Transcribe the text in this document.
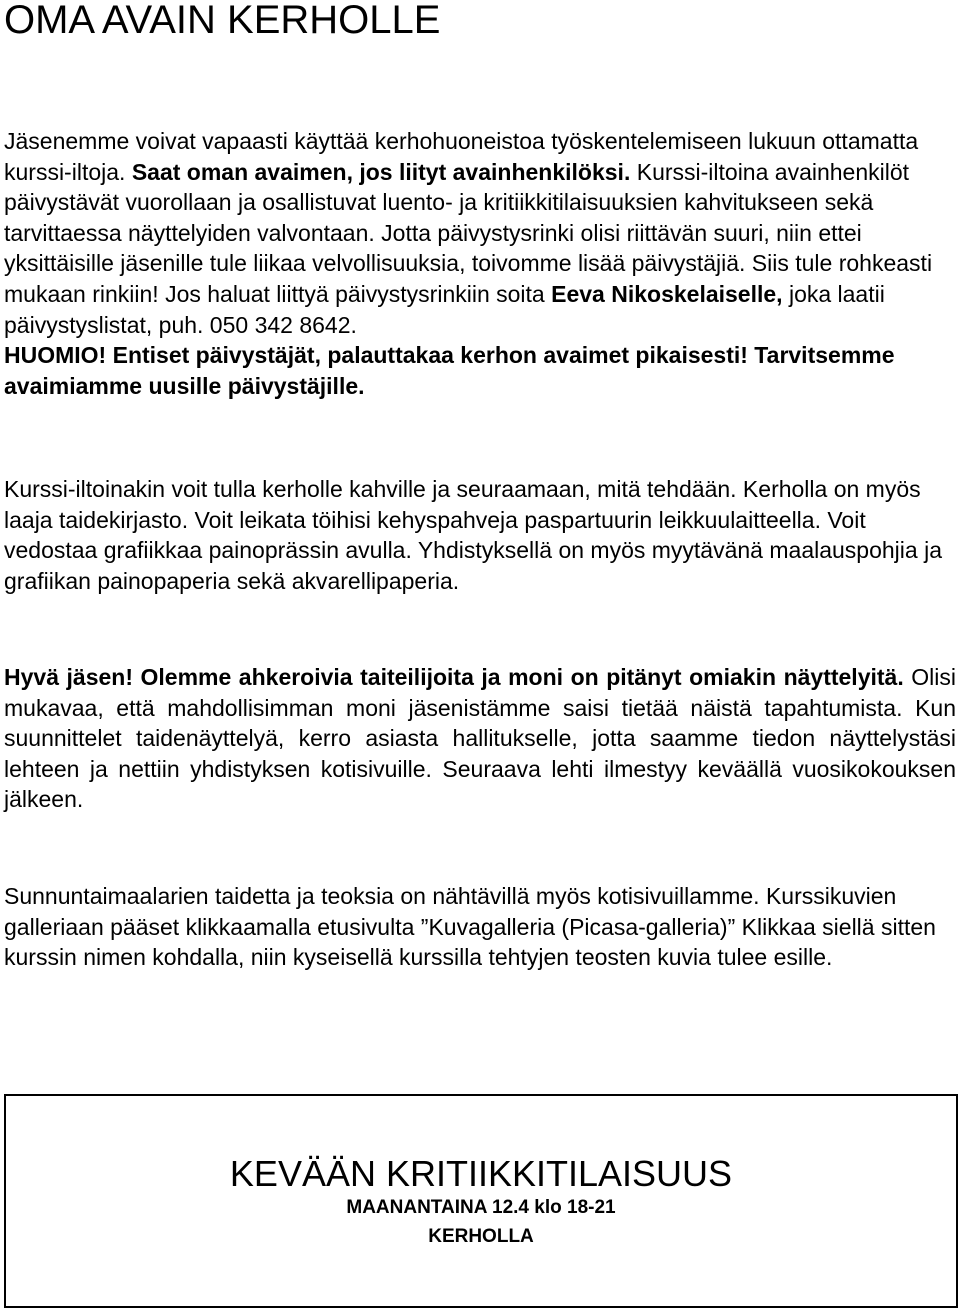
OMA AVAIN KERHOLLE

Jäsenemme voivat vapaasti käyttää kerhohuoneistoa työskentelemiseen lukuun ottamatta kurssi-iltoja. Saat oman avaimen, jos liityt avainhenkilöksi. Kurssi-iltoina avainhenkilöt päivystävät vuorollaan ja osallistuvat luento- ja kritiikkitilaisuuksien kahvitukseen sekä tarvittaessa näyttelyiden valvontaan. Jotta päivystysrinki olisi riittävän suuri, niin ettei yksittäisille jäsenille tule liikaa velvollisuuksia, toivomme lisää päivystäjiä. Siis tule rohkeasti mukaan rinkiin! Jos haluat liittyä päivystysrinkiin soita Eeva Nikoskelaiselle, joka laatii päivystyslistat, puh. 050 342 8642.
HUOMIO! Entiset päivystäjät, palauttakaa kerhon avaimet pikaisesti! Tarvitsemme avaimiamme uusille päivystäjille.

Kurssi-iltoinakin voit tulla kerholle kahville ja seuraamaan, mitä tehdään. Kerholla on myös laaja taidekirjasto. Voit leikata töihisi kehyspahveja paspartuurin leikkuulaitteella. Voit vedostaa grafiikkaa painoprässin avulla. Yhdistyksellä on myös myytävänä maalauspohjia ja grafiikan painopaperia sekä akvarellipaperia.

Hyvä jäsen! Olemme ahkeroivia taiteilijoita ja moni on pitänyt omiakin näyttelyitä. Olisi mukavaa, että mahdollisimman moni jäsenistämme saisi tietää näistä tapahtumista. Kun suunnittelet taidenäyttelyä, kerro asiasta hallitukselle, jotta saamme tiedon näyttelystäsi lehteen ja nettiin yhdistyksen kotisivuille. Seuraava lehti ilmestyy keväällä vuosikokouksen jälkeen.

Sunnuntaimaalarien taidetta ja teoksia on nähtävillä myös kotisivuillamme. Kurssikuvien galleriaan pääset klikkaamalla etusivulta ”Kuvagalleria (Picasa-galleria)” Klikkaa siellä sitten kurssin nimen kohdalla, niin kyseisellä kurssilla tehtyjen teosten kuvia tulee esille.

KEVÄÄN KRITIIKKITILAISUUS
MAANANTAINA 12.4 klo 18-21
KERHOLLA
